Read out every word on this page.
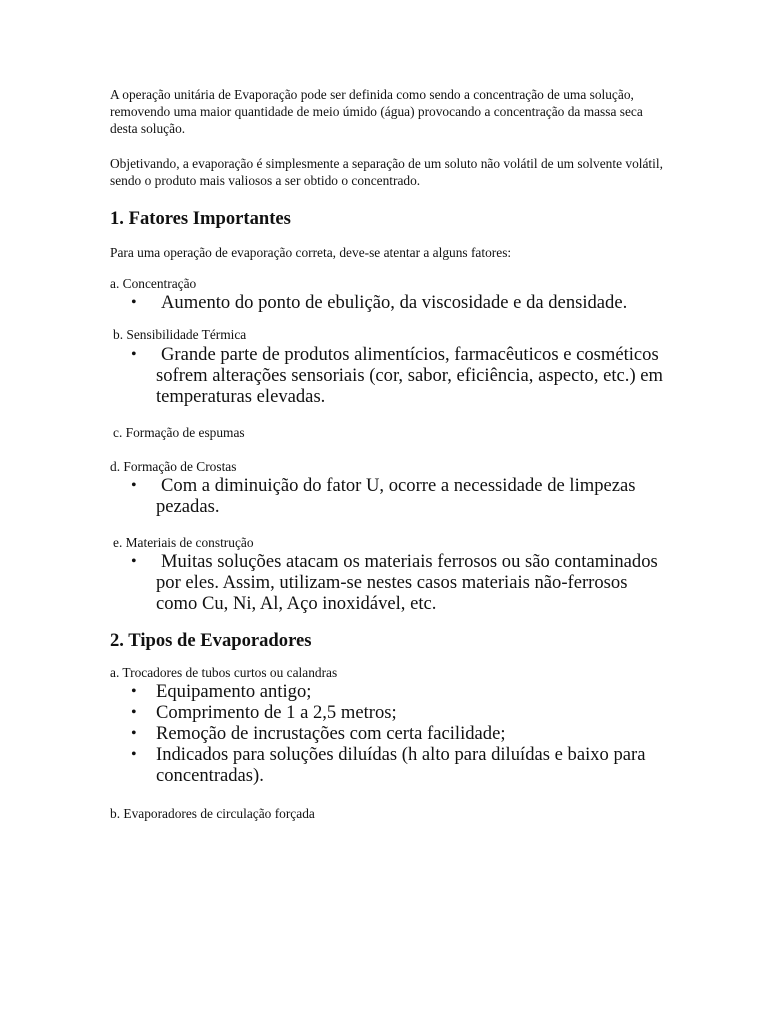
A operação unitária de Evaporação pode ser definida como sendo a concentração de uma solução, removendo uma maior quantidade de meio úmido (água) provocando a concentração da massa seca desta solução.

Objetivando, a evaporação é simplesmente a separação de um soluto não volátil de um solvente volátil, sendo o produto mais valiosos a ser obtido o concentrado.

1. Fatores Importantes

Para uma operação de evaporação correta, deve-se atentar a alguns fatores:

a. Concentração

• Aumento do ponto de ebulição, da viscosidade e da densidade.

b. Sensibilidade Térmica

• Grande parte de produtos alimentícios, farmacêuticos e cosméticos sofrem alterações sensoriais (cor, sabor, eficiência, aspecto, etc.) em temperaturas elevadas.

c. Formação de espumas

d. Formação de Crostas

• Com a diminuição do fator U, ocorre a necessidade de limpezas pezadas.

e. Materiais de construção

• Muitas soluções atacam os materiais ferrosos ou são contaminados por eles. Assim, utilizam-se nestes casos materiais não-ferrosos como Cu, Ni, Al, Aço inoxidável, etc.
2. Tipos de Evaporadores

a. Trocadores de tubos curtos ou calandras

• Equipamento antigo;
• Comprimento de 1 a 2,5 metros;
• Remoção de incrustações com certa facilidade;
• Indicados para soluções diluídas (h alto para diluídas e baixo para concentradas).

b. Evaporadores de circulação forçada
